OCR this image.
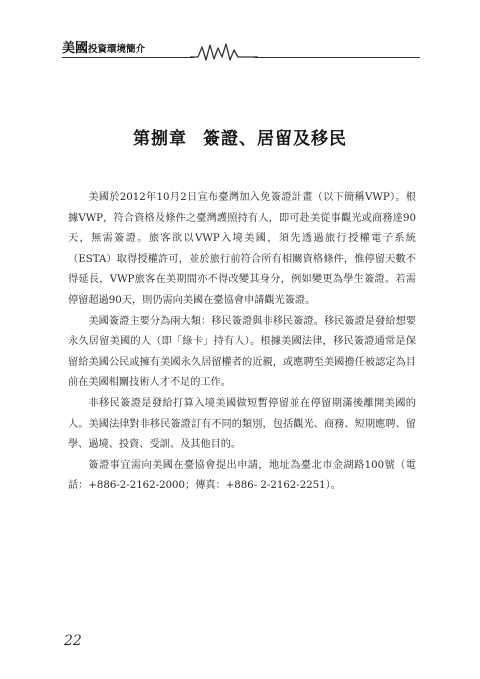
美國投資環境簡介
第捌章 簽證、居留及移民

美國於2012年10月2日宣布臺灣加入免簽證計畫（以下簡稱VWP）。根據VWP，符合資格及條件之臺灣護照持有人，即可赴美從事觀光或商務達90天，無需簽證。旅客欲以VWP入境美國，須先透過旅行授權電子系統（ESTA）取得授權許可，並於旅行前符合所有相關資格條件，惟停留天數不得延長，VWP旅客在美期間亦不得改變其身分，例如變更為學生簽證。若需停留超過90天，則仍需向美國在臺協會申請觀光簽證。

美國簽證主要分為兩大類：移民簽證與非移民簽證。移民簽證是發給想要永久居留美國的人（即「綠卡」持有人）。根據美國法律，移民簽證通常是保留給美國公民或擁有美國永久居留權者的近親，或應聘至美國擔任被認定為目前在美國相關技術人才不足的工作。

非移民簽證是發給打算入境美國做短暫停留並在停留期滿後離開美國的人。美國法律對非移民簽證訂有不同的類別，包括觀光、商務、短期應聘、留學、過境、投資、受訓、及其他目的。

簽證事宜需向美國在臺協會提出申請，地址為臺北市金湖路100號（電話：+886-2-2162-2000；傳真：+886- 2-2162-2251）。

22
